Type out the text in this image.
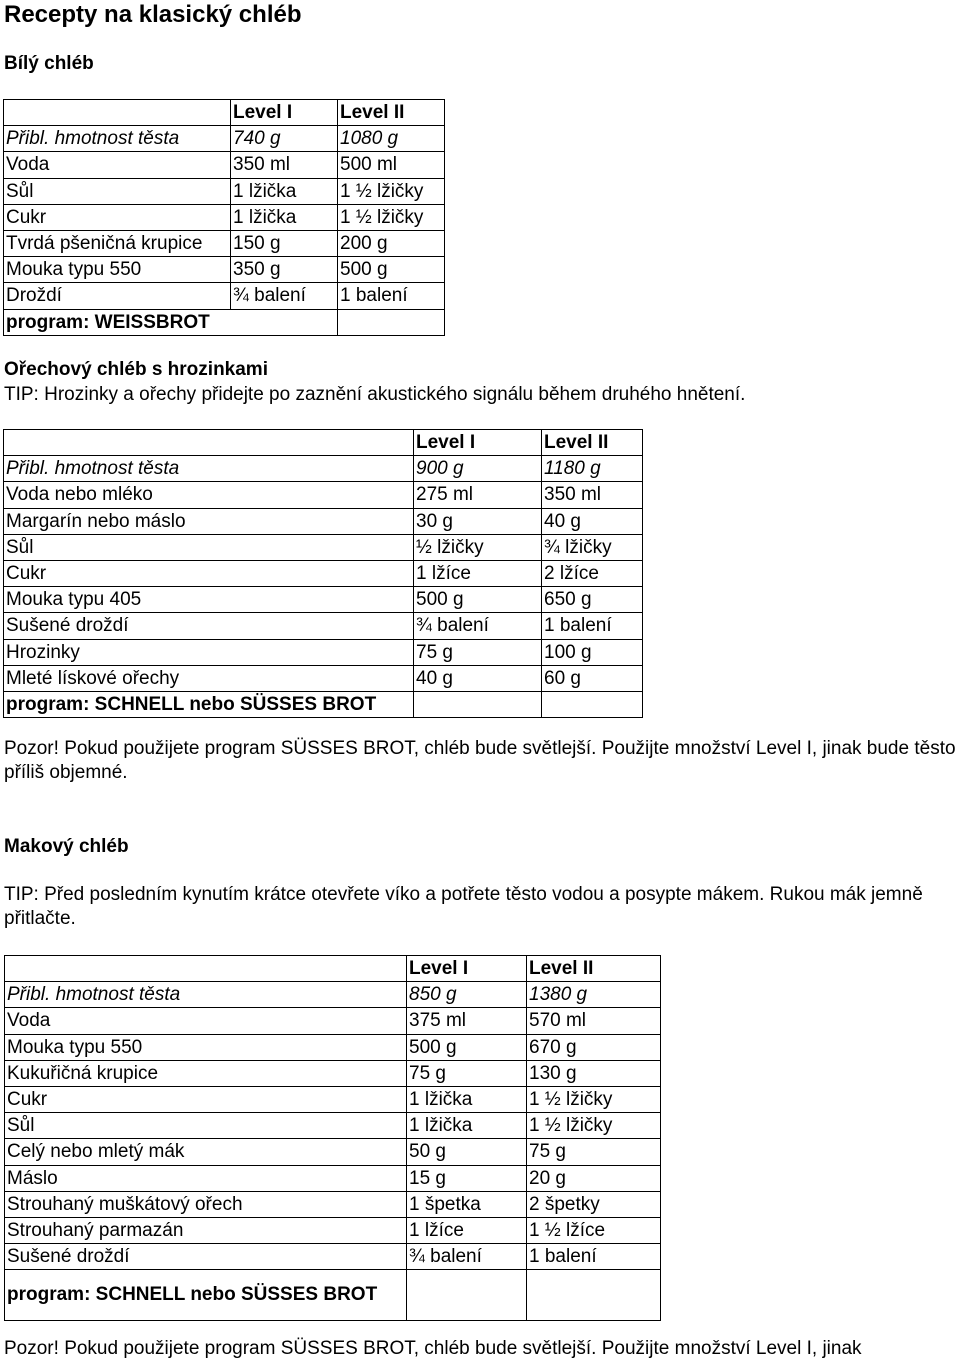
Recepty na klasický chléb
Bílý chléb
	Level I	Level II
Přibl. hmotnost těsta	740 g	1080 g
Voda	350 ml	500 ml
Sůl	1 lžička	1 ½ lžičky
Cukr	1 lžička	1 ½ lžičky
Tvrdá pšeničná krupice	150 g	200 g
Mouka typu 550	350 g	500 g
Droždí	¾ balení	1 balení
program: WEISSBROT		
Ořechový chléb s hrozinkami
TIP: Hrozinky a ořechy přidejte po zaznění akustického signálu během druhého hnětení.
	Level I	Level II
Přibl. hmotnost těsta	900 g	1180 g
Voda nebo mléko	275 ml	350 ml
Margarín nebo máslo	30 g	40 g
Sůl	½ lžičky	¾ lžičky
Cukr	1 lžíce	2 lžíce
Mouka typu 405	500 g	650 g
Sušené droždí	¾ balení	1 balení
Hrozinky	75 g	100 g
Mleté lískové ořechy	40 g	60 g
program: SCHNELL nebo SÜSSES BROT		
Pozor! Pokud použijete program SÜSSES BROT, chléb bude světlejší. Použijte množství Level I, jinak bude těsto příliš objemné.
Makový chléb
TIP: Před posledním kynutím krátce otevřete víko a potřete těsto vodou a posypte mákem. Rukou mák jemně přitlačte.
	Level I	Level II
Přibl. hmotnost těsta	850 g	1380 g
Voda	375 ml	570 ml
Mouka typu 550	500 g	670 g
Kukuřičná krupice	75 g	130 g
Cukr	1 lžička	1 ½ lžičky
Sůl	1 lžička	1 ½ lžičky
Celý nebo mletý mák	50 g	75 g
Máslo	15 g	20 g
Strouhaný muškátový ořech	1 špetka	2 špetky
Strouhaný parmazán	1 lžíce	1 ½ lžíce
Sušené droždí	¾ balení	1 balení
program: SCHNELL nebo SÜSSES BROT		
Pozor! Pokud použijete program SÜSSES BROT, chléb bude světlejší. Použijte množství Level I, jinak
